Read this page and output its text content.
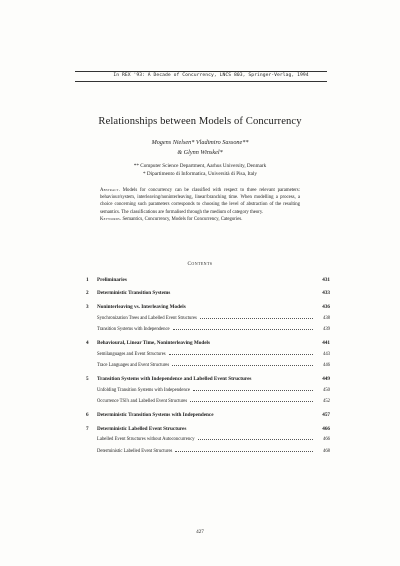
In REX '93: A Decade of Concurrency, LNCS 803, Springer-Verlag, 1994
Relationships between Models of Concurrency
Mogens Nielsen* Vladimiro Sassone**
& Glynn Winskel*
** Computer Science Department, Aarhus University, Denmark
* Dipartimento di Informatica, Università di Pisa, Italy
Abstract. Models for concurrency can be classified with respect to three relevant parameters: behaviour/system, interleaving/noninterleaving, linear/branching time. When modelling a process, a choice concerning such parameters corresponds to choosing the level of abstraction of the resulting semantics. The classifications are formalised through the medium of category theory.
Keywords. Semantics, Concurrency, Models for Concurrency, Categories.
Contents
1 Preliminaries	431
2 Deterministic Transition Systems	433
3 Noninterleaving vs. Interleaving Models	436
Synchronization Trees and Labelled Event Structures	438
Transition Systems with Independence	439
4 Behavioural, Linear Time, Noninterleaving Models	441
Semilanguages and Event Structures	443
Trace Languages and Event Structures	446
5 Transition Systems with Independence and Labelled Event Structures	449
Unfolding Transition Systems with Independence	450
Occurrence TSI's and Labelled Event Structures	452
6 Deterministic Transition Systems with Independence	457
7 Deterministic Labelled Event Structures	466
Labelled Event Structures without Autoconcurrency	466
Deterministic Labelled Event Structures	468
427
